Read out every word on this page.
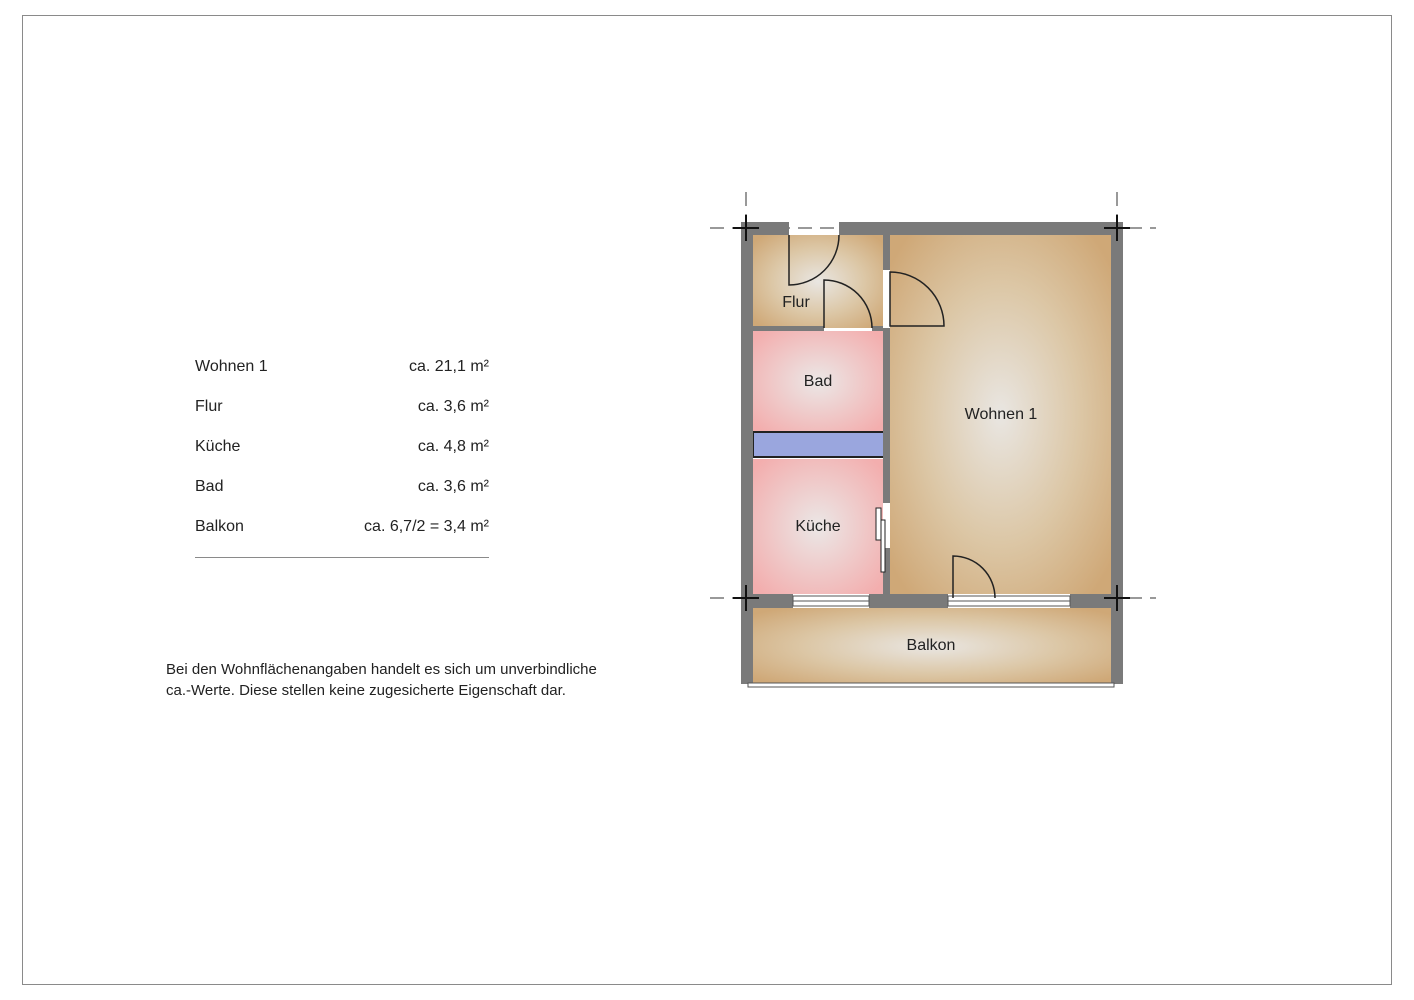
Wohnen 1	ca. 21,1 m²
Flur	ca. 3,6 m²
Küche	ca. 4,8 m²
Bad	ca. 3,6 m²
Balkon	ca. 6,7/2 = 3,4 m²
Bei den Wohnflächenangaben handelt es sich um unverbindliche
ca.-Werte. Diese stellen keine zugesicherte Eigenschaft dar.
Flur
Bad
Küche
Wohnen 1
Balkon
